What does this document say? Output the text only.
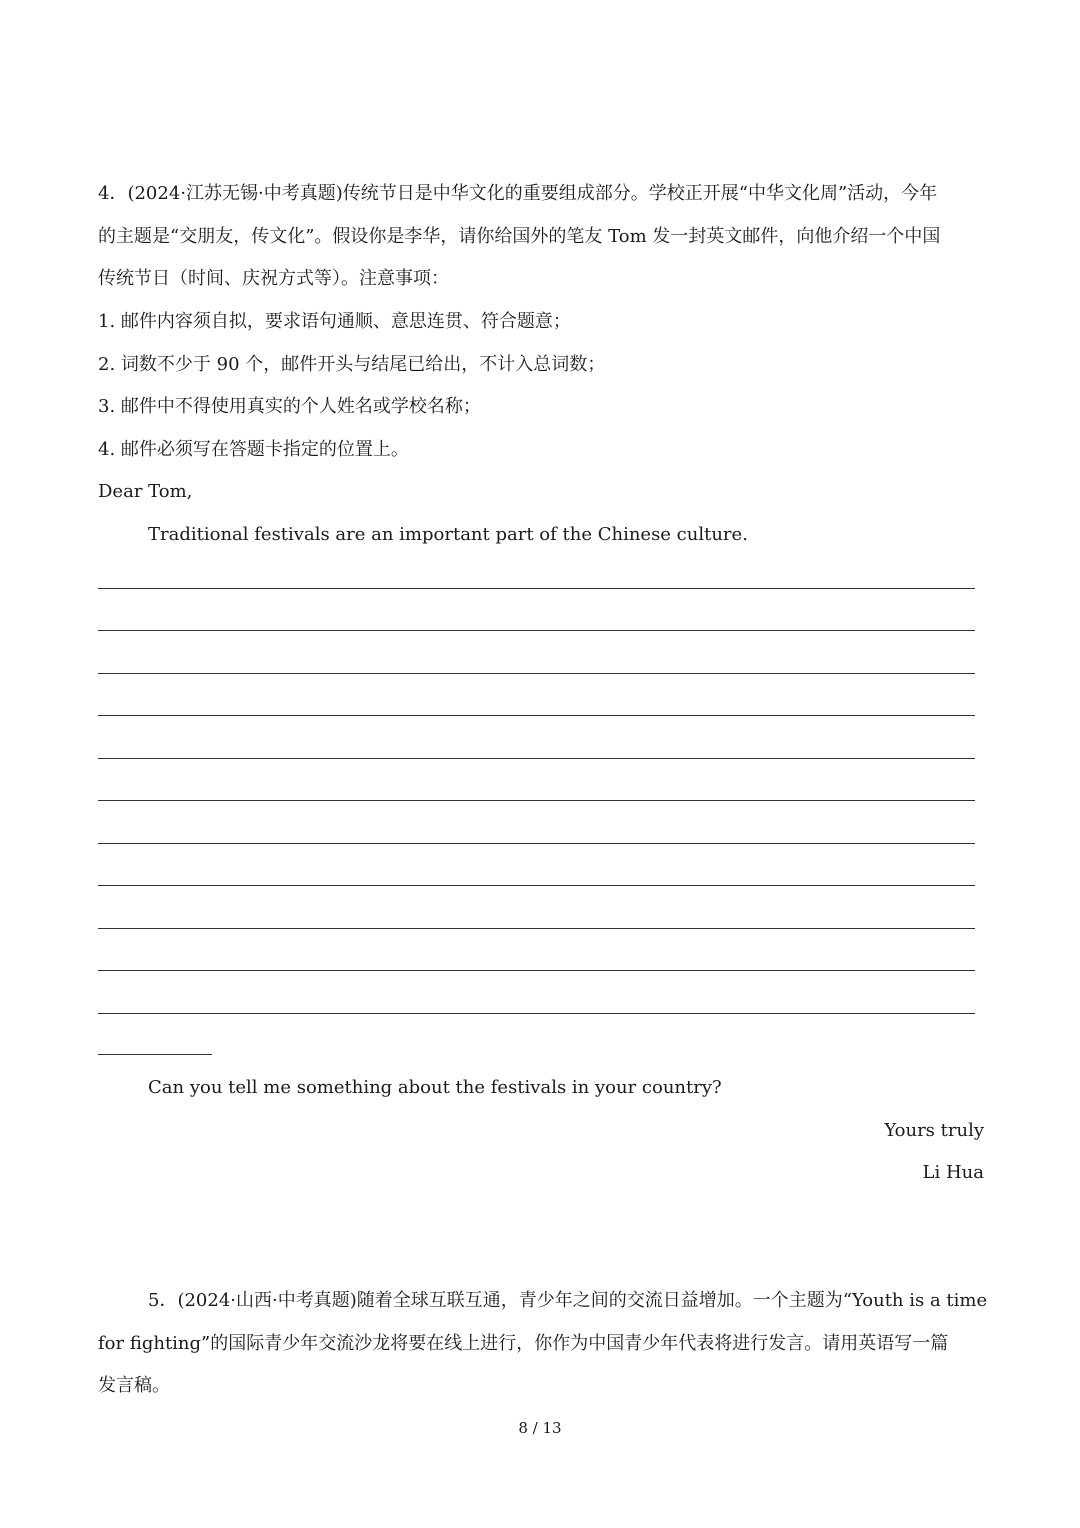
4．(2024·江苏无锡·中考真题)传统节日是中华文化的重要组成部分。学校正开展“中华文化周”活动，今年
的主题是“交朋友，传文化”。假设你是李华，请你给国外的笔友 Tom 发一封英文邮件，向他介绍一个中国
传统节日（时间、庆祝方式等）。注意事项：
1. 邮件内容须自拟，要求语句通顺、意思连贯、符合题意；
2. 词数不少于 90 个，邮件开头与结尾已给出，不计入总词数；
3. 邮件中不得使用真实的个人姓名或学校名称；
4. 邮件必须写在答题卡指定的位置上。
Dear Tom,
Traditional festivals are an important part of the Chinese culture.
Can you tell me something about the festivals in your country?
Yours truly
Li Hua
5．(2024·山西·中考真题)随着全球互联互通，青少年之间的交流日益增加。一个主题为“Youth is a time
for fighting”的国际青少年交流沙龙将要在线上进行，你作为中国青少年代表将进行发言。请用英语写一篇
发言稿。
8 / 13
